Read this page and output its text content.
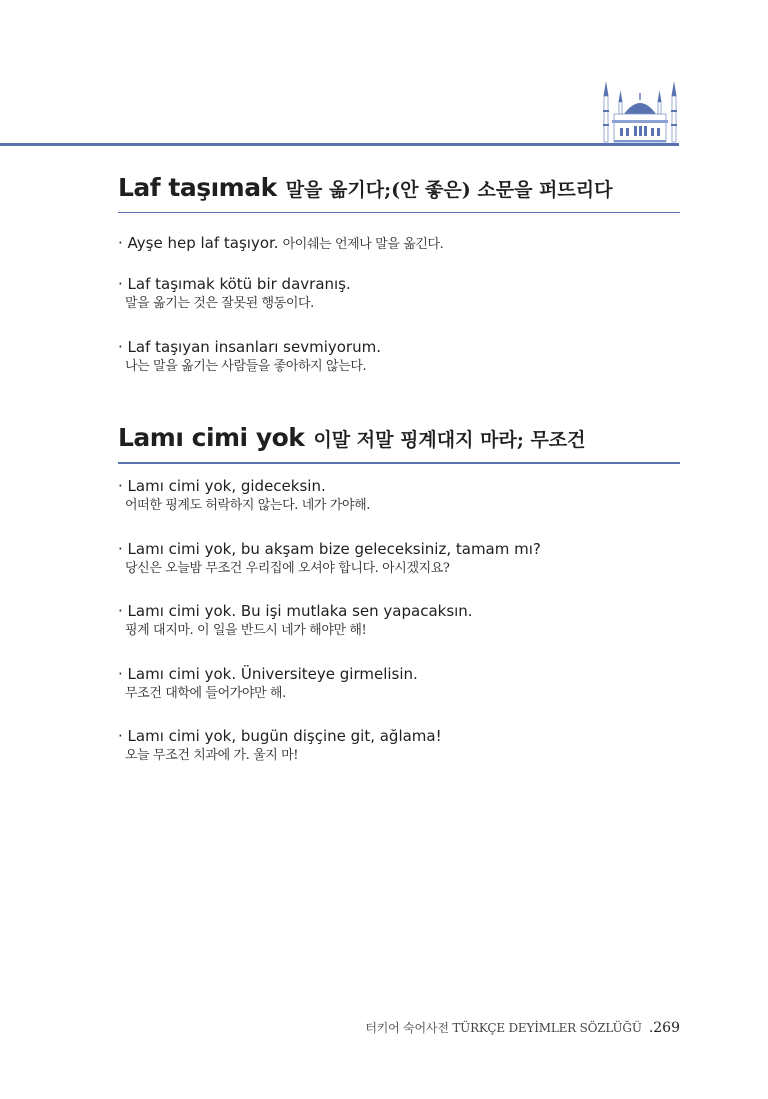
Laf taşımak 말을 옮기다;(안 좋은) 소문을 퍼뜨리다
· Ayşe hep laf taşıyor. 아이쉐는 언제나 말을 옮긴다.
· Laf taşımak kötü bir davranış.
말을 옮기는 것은 잘못된 행동이다.
· Laf taşıyan insanları sevmiyorum.
나는 말을 옮기는 사람들을 좋아하지 않는다.
Lamı cimi yok 이말 저말 핑계대지 마라; 무조건
· Lamı cimi yok, gideceksin.
어떠한 핑계도 허락하지 않는다. 네가 가야해.
· Lamı cimi yok, bu akşam bize geleceksiniz, tamam mı?
당신은 오늘밤 무조건 우리집에 오셔야 합니다. 아시겠지요?
· Lamı cimi yok. Bu işi mutlaka sen yapacaksın.
핑계 대지마. 이 일을 반드시 네가 해야만 해!
· Lamı cimi yok. Üniversiteye girmelisin.
무조건 대학에 들어가야만 해.
· Lamı cimi yok, bugün dişçine git, ağlama!
오늘 무조건 치과에 가. 울지 마!
터키어 숙어사전 TÜRKÇE DEYİMLER SÖZLÜĞÜ .269
